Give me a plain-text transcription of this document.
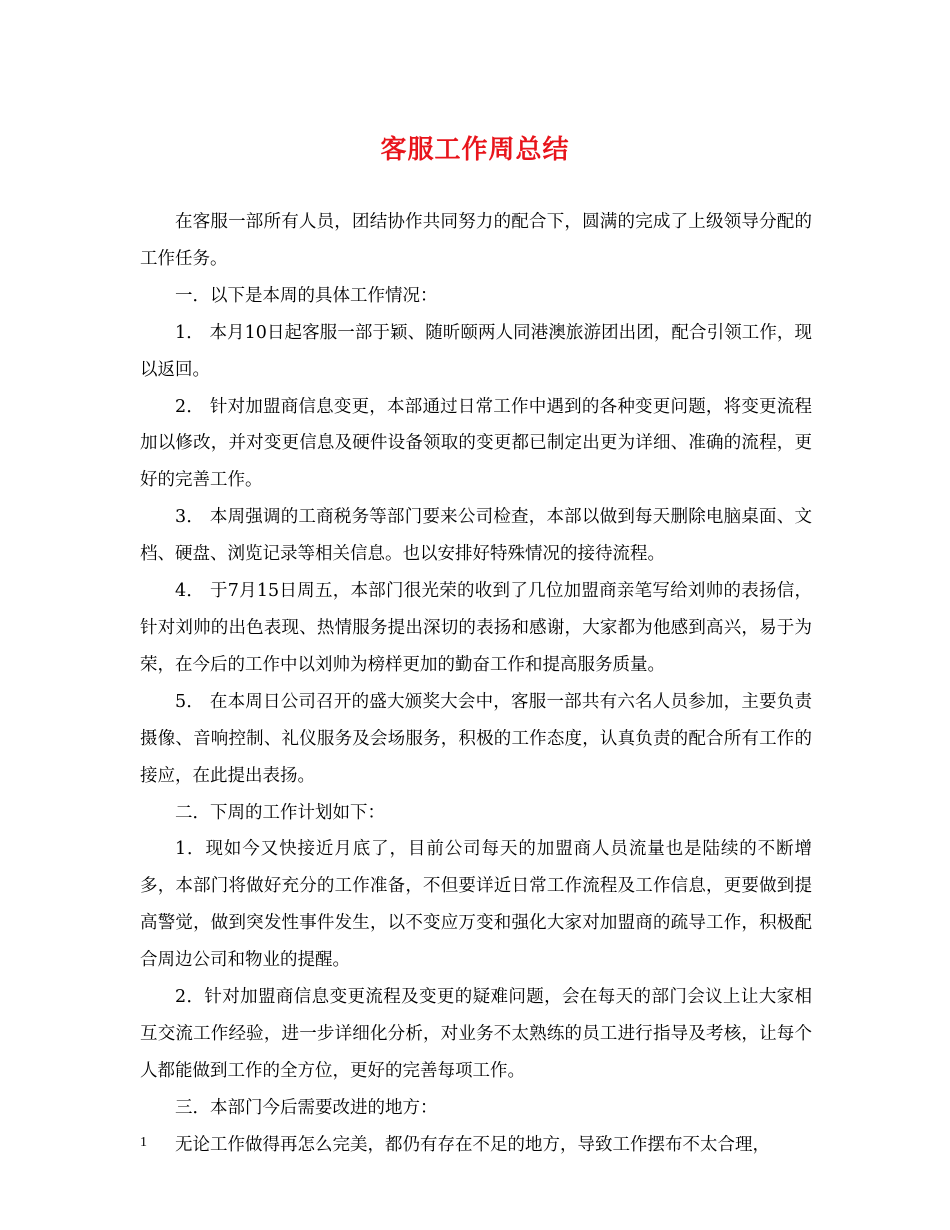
客服工作周总结

在客服一部所有人员，团结协作共同努力的配合下，圆满的完成了上级领导分配的工作任务。

一．以下是本周的具体工作情况：

1． 本月10日起客服一部于颖、随昕颐两人同港澳旅游团出团，配合引领工作，现以返回。

2． 针对加盟商信息变更，本部通过日常工作中遇到的各种变更问题，将变更流程加以修改，并对变更信息及硬件设备领取的变更都已制定出更为详细、准确的流程，更好的完善工作。

3． 本周强调的工商税务等部门要来公司检查，本部以做到每天删除电脑桌面、文档、硬盘、浏览记录等相关信息。也以安排好特殊情况的接待流程。

4． 于7月15日周五，本部门很光荣的收到了几位加盟商亲笔写给刘帅的表扬信，针对刘帅的出色表现、热情服务提出深切的表扬和感谢，大家都为他感到高兴，易于为荣，在今后的工作中以刘帅为榜样更加的勤奋工作和提高服务质量。

5． 在本周日公司召开的盛大颁奖大会中，客服一部共有六名人员参加，主要负责摄像、音响控制、礼仪服务及会场服务，积极的工作态度，认真负责的配合所有工作的接应，在此提出表扬。

二．下周的工作计划如下：

1．现如今又快接近月底了，目前公司每天的加盟商人员流量也是陆续的不断增多，本部门将做好充分的工作准备，不但要详近日常工作流程及工作信息，更要做到提高警觉，做到突发性事件发生，以不变应万变和强化大家对加盟商的疏导工作，积极配合周边公司和物业的提醒。

2．针对加盟商信息变更流程及变更的疑难问题，会在每天的部门会议上让大家相互交流工作经验，进一步详细化分析，对业务不太熟练的员工进行指导及考核，让每个人都能做到工作的全方位，更好的完善每项工作。

三．本部门今后需要改进的地方：

无论工作做得再怎么完美，都仍有存在不足的地方，导致工作摆布不太合理，

1
